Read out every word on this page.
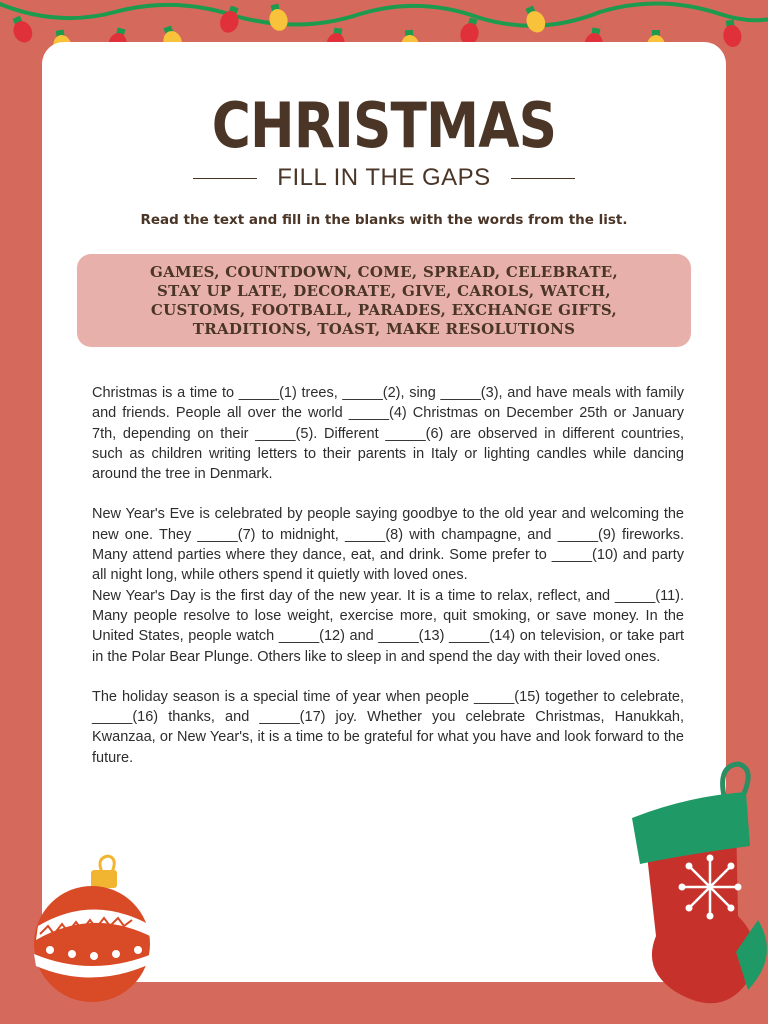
CHRISTMAS
FILL IN THE GAPS
Read the text and fill in the blanks with the words from the list.
GAMES, COUNTDOWN, COME, SPREAD, CELEBRATE,
STAY UP LATE, DECORATE, GIVE, CAROLS, WATCH,
CUSTOMS, FOOTBALL, PARADES, EXCHANGE GIFTS,
TRADITIONS, TOAST, MAKE RESOLUTIONS

Christmas is a time to _____(1) trees, _____(2), sing _____(3), and have meals with family and friends. People all over the world _____(4) Christmas on December 25th or January 7th, depending on their _____(5). Different _____(6) are observed in different countries, such as children writing letters to their parents in Italy or lighting candles while dancing around the tree in Denmark.

New Year's Eve is celebrated by people saying goodbye to the old year and welcoming the new one. They _____(7) to midnight, _____(8) with champagne, and _____(9) fireworks. Many attend parties where they dance, eat, and drink. Some prefer to _____(10) and party all night long, while others spend it quietly with loved ones.

New Year's Day is the first day of the new year. It is a time to relax, reflect, and _____(11). Many people resolve to lose weight, exercise more, quit smoking, or save money. In the United States, people watch _____(12) and _____(13) _____(14) on television, or take part in the Polar Bear Plunge. Others like to sleep in and spend the day with their loved ones.

The holiday season is a special time of year when people _____(15) together to celebrate, _____(16) thanks, and _____(17) joy. Whether you celebrate Christmas, Hanukkah, Kwanzaa, or New Year's, it is a time to be grateful for what you have and look forward to the future.
